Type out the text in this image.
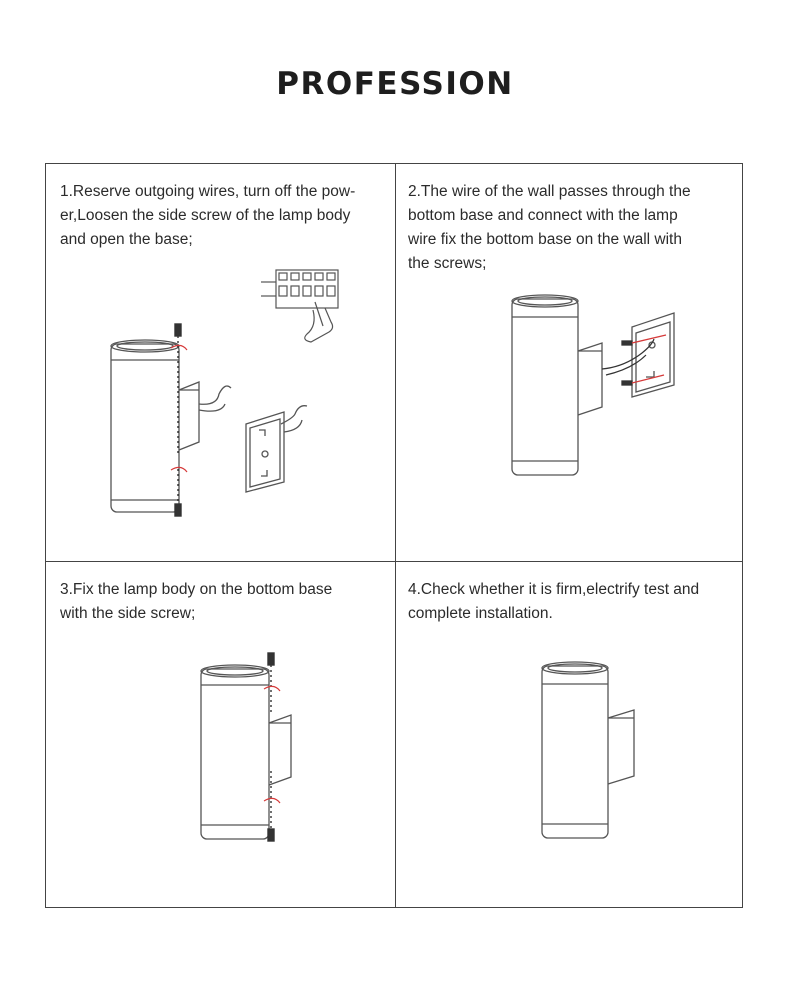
PROFESSION
1.Reserve outgoing wires, turn off the pow-
er,Loosen the side screw of the lamp body
and open the base;
2.The wire of the wall passes through the
bottom base and connect with the lamp
wire fix the bottom base on the wall with
the screws;
3.Fix the lamp body on the bottom base
with the side screw;
4.Check whether it is firm,electrify test and
complete installation.
